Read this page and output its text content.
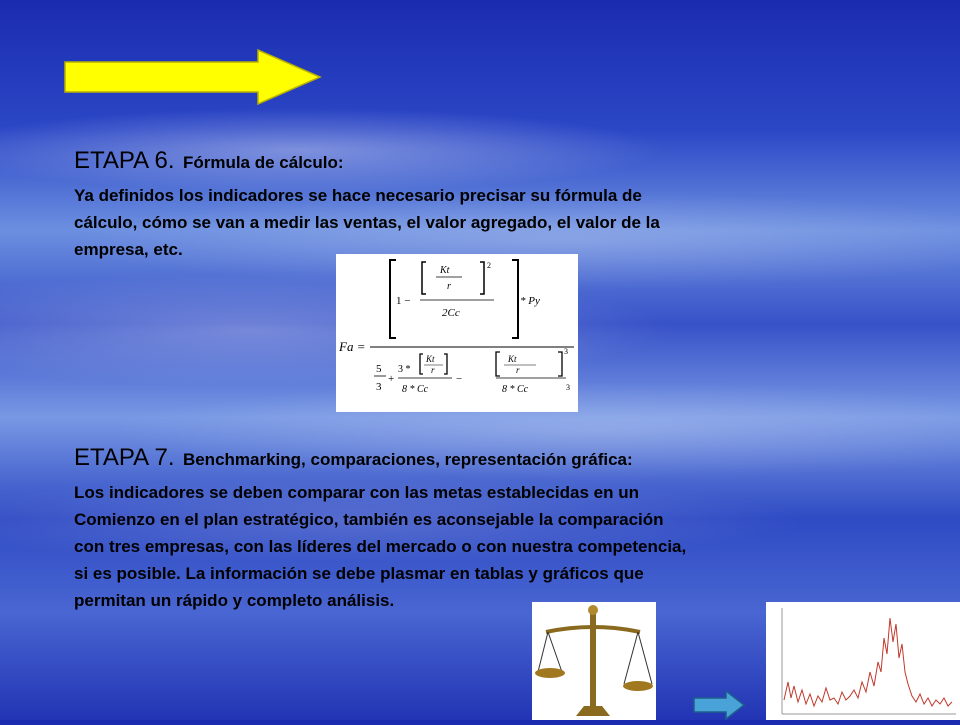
ETAPA 6. Fórmula de cálculo:

Ya definidos los indicadores se hace necesario precisar su fórmula de

cálculo, cómo se van a medir las ventas, el valor agregado, el valor de la

empresa, etc.

Fa =
1 −
Kt
r
2
2Cc
* Py
5
3
+
3 *
Kt
r
8 * Cc
−
Kt
r
3
8 * Cc	3
ETAPA 7. Benchmarking, comparaciones, representación gráfica:

Los indicadores se deben comparar con las metas establecidas en un

Comienzo en el plan estratégico, también es aconsejable la comparación

con tres empresas, con las líderes del mercado o con nuestra competencia,

si es posible. La información se debe plasmar en tablas y gráficos que

permitan un rápido y completo análisis.
